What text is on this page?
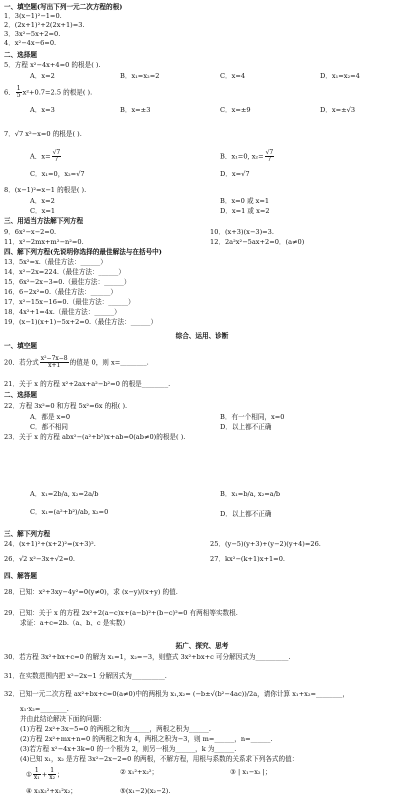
一、填空题(写出下列一元二次方程的根)
1．3(x−1)²−1=0.
2．(2x+1)²+2(2x+1)=3.
3．3x²−5x+2=0.
4．x²−4x−6=0.
二、选择题
5．方程 x²−4x+4=0 的根是( ).
A．x=2	B．x₁=x₂=2	C．x=4	D．x₁=x₂=4
6． $\frac{1}{5} x^2+0.7=2.5$ 的根是( ).
A．x=3	B．x=±3	C．x=±9	D．x=±√3
7．√7 x²−x=0 的根是( ).
A．$x= \frac{√7}{7}$	B．x₁=0, $x_2= \frac{√7}{7}$
C．x₁=0，x₂=√7	D．x=√7
8．(x−1)²=x−1 的根是( ).
A．x=2	B．x=0 或 x=1
C．x=1	D．x=1 或 x=2
三、用适当方法解下列方程
9．6x²−x−2=0.	10．(x+3)(x−3)=3.
11．x²−2mx+m²−n²=0.	12．2a²x²−5ax+2=0．(a≠0)
四、解下列方程(先说明你选择的最佳解法与在括号中)
13．5x²=x.（最佳方法：______）
14．x²−2x=224.（最佳方法：______）
15．6x²−2x−3=0.（最佳方法：______）
16．6−2x²=0.（最佳方法：______）
17．x²−15x−16=0.（最佳方法：______）
18．4x²+1=4x.（最佳方法：______）
19．(x−1)(x+1)−5x+2=0.（最佳方法：______）
综合、运用、诊断
一、填空题
20．若分式 $\frac{\text{x²−7x−8}}{x+1}$ 的值是 0，则 x=________.
21．关于 x 的方程 x²+2ax+a²−b²=0 的根是________.
二、选择题
22．方程 3x²=0 和方程 5x²=6x 的根( ).
A．都是 x=0	B．有一个相同，x=0
C．都不相同	D．以上都不正确
23．关于 x 的方程 abx²−(a²+b²)x+ab=0(ab≠0)的根是( ).
A．x₁=2b/a, x₂=2a/b	B．x₁=b/a, x₂=a/b
C．x₁=(a²+b²)/ab, x₂=0	D．以上都不正确
三、解下列方程
24．(x+1)²+(x+2)²=(x+3)².	25．(y−5)(y+3)+(y−2)(y+4)=26.
26．√2 x²−3x+√2=0.	27．kx²−(k+1)x+1=0.
四、解答题
28．已知：x²+3xy−4y²=0(y≠0)，求 (x−y)/(x+y) 的值.
29．已知：关于 x 的方程 2x²+2(a−c)x+(a−b)²+(b−c)²=0 有两相等实数根.
求证：a+c=2b.（a、b、c 是实数）
拓广、探究、思考
30．若方程 3x²+bx+c=0 的解为 x₁=1，x₂=−3，则整式 3x²+bx+c 可分解因式为__________.
31．在实数范围内把 x²−2x−1 分解因式为__________.
32．已知一元二次方程 ax²+bx+c=0(a≠0)中的两根为 x₁,x₂= (−b±√(b²−4ac))/2a，请你计算 x₁+x₂=________，
x₁·x₂=________.
并由此结论解决下面的问题：
(1)方程 2x²+3x−5=0 的两根之和为______，两根之积为______.
(2)方程 2x²+mx+n=0 的两根之和为 4，两根之积为−3，则 m=______，n=______.
(3)若方程 x²−4x+3k=0 的一个根为 2，则另一根为______，k 为______.
(4)已知 x₁，x₂ 是方程 3x²−2x−2=0 的两根，不解方程，用根与系数的关系求下列各式的值：
① $\frac{1}{\text{x₁}} + \frac{1}{\text{x₂}}$ ；	② x₁²+x₂²；	③ | x₁−x₂ |；
④ x₁x₂²+x₁²x₂；	⑤(x₁−2)(x₂−2).
